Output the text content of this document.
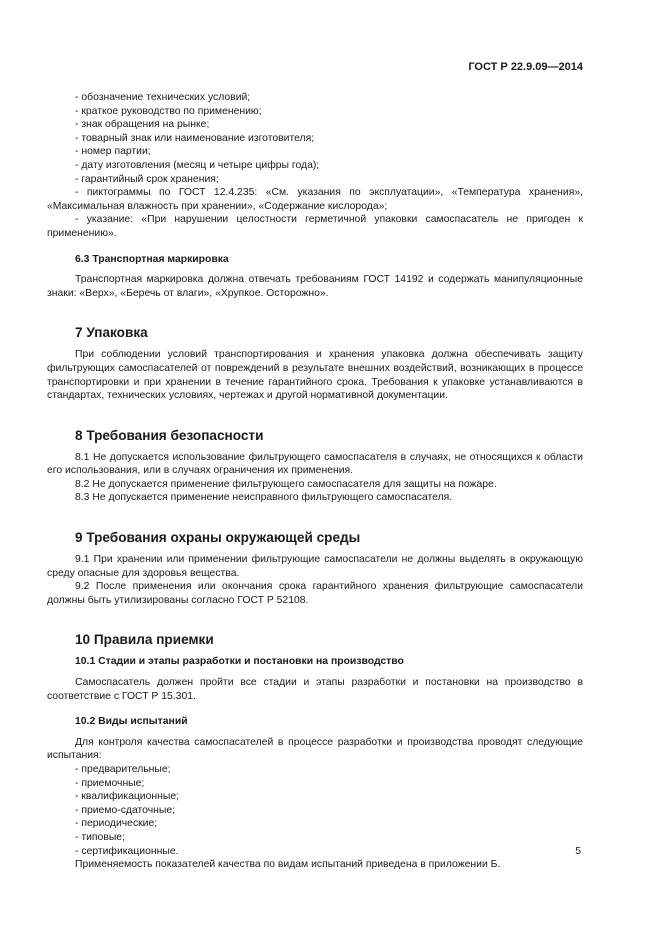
ГОСТ Р 22.9.09—2014

- обозначение технических условий;

- краткое руководство по применению;

- знак обращения на рынке;

- товарный знак или наименование изготовителя;

- номер партии;

- дату изготовления (месяц и четыре цифры года);

- гарантийный срок хранения;

- пиктограммы по ГОСТ 12.4.235: «См. указания по эксплуатации», «Температура хранения», «Максимальная влажность при хранении», «Содержание кислорода»;

- указание: «При нарушении целостности герметичной упаковки самоспасатель не пригоден к применению».

6.3 Транспортная маркировка

Транспортная маркировка должна отвечать требованиям ГОСТ 14192 и содержать манипуляционные знаки: «Верх», «Беречь от влаги», «Хрупкое. Осторожно».

7 Упаковка

При соблюдении условий транспортирования и хранения упаковка должна обеспечивать защиту фильтрующих самоспасателей от повреждений в результате внешних воздействий, возникающих в процессе транспортировки и при хранении в течение гарантийного срока. Требования к упаковке устанавливаются в стандартах, технических условиях, чертежах и другой нормативной документации.

8 Требования безопасности

8.1 Не допускается использование фильтрующего самоспасателя в случаях, не относящихся к области его использования, или в случаях ограничения их применения.

8.2 Не допускается применение фильтрующего самоспасателя для защиты на пожаре.

8.3 Не допускается применение неисправного фильтрующего самоспасателя.

9 Требования охраны окружающей среды

9.1 При хранении или применении фильтрующие самоспасатели не должны выделять в окружающую среду опасные для здоровья вещества.

9.2 После применения или окончания срока гарантийного хранения фильтрующие самоспасатели должны быть утилизированы согласно ГОСТ Р 52108.

10 Правила приемки
10.1 Стадии и этапы разработки и постановки на производство

Самоспасатель должен пройти все стадии и этапы разработки и постановки на производство в соответствие с ГОСТ Р 15.301.

10.2 Виды испытаний

Для контроля качества самоспасателей в процессе разработки и производства проводят следующие испытания:

- предварительные;

- приемочные;

- квалификационные;

- приемо-сдаточные;

- периодические;

- типовые;

- сертификационные.

Применяемость показателей качества по видам испытаний приведена в приложении Б.

5
